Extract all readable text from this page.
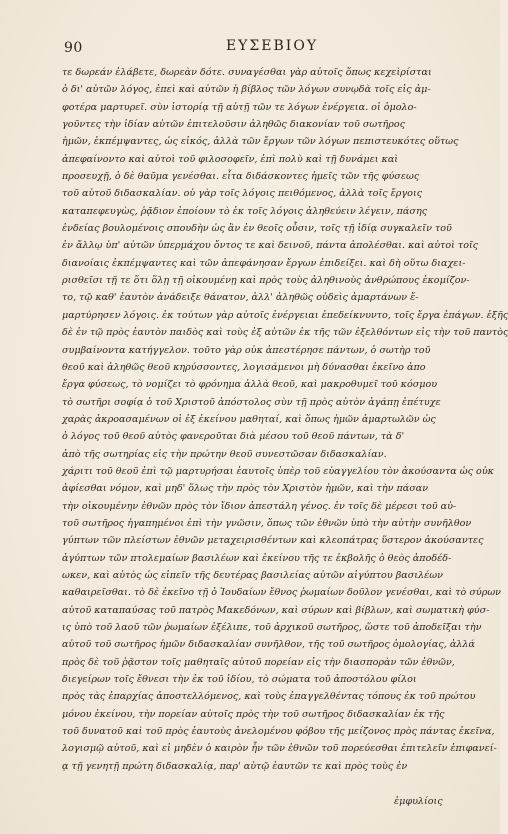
90	ΕΥΣΕΒΙΟΥ
τε δωρεάν ἐλάβετε, δωρεὰν δότε. συναγέσθαι γὰρ αὐτοῖς ὅπως κεχεὶρίσται
ὁ δι' αὐτῶν λόγος, ἐπεὶ καὶ αὐτῶν ἡ βίβλος τῶν λόγων συνῳδὰ τοῖς εἰς ἀμ-
φοτέρα μαρτυρεῖ. σὺν ἱστορίᾳ τῇ αὐτῇ τῶν τε λόγων ἐνέργεια. οἱ ὁμολο-
γοῦντες τὴν ἰδίαν αὐτῶν ἐπιτελοῦσιν ἀληθῶς διακονίαν τοῦ σωτῆρος
ἡμῶν, ἐκπέμψαντες, ὡς εἰκός, ἀλλὰ τῶν ἔργων τῶν λόγων πεπιστευκότες οὕτως
ἀπεφαίνοντο καὶ αὐτοὶ τοῦ φιλοσοφεῖν, ἐπὶ πολὺ καὶ τῇ δυνάμει καὶ
προσευχῇ, ὁ δὲ θαῦμα γενέσθαι. εἶτα διδάσκοντες ἡμεῖς τῶν τῆς φύσεως
τοῦ αὐτοῦ διδασκαλίαν. οὐ γὰρ τοῖς λόγοις πειθόμενος, ἀλλὰ τοῖς ἔργοις
καταπεφευγὼς, ῥᾷδιον ἐποίουν τὸ ἐκ τοῖς λόγοις ἀληθεύειν λέγειν, πάσης
ἐνδείας βουλομένοις σπουδὴν ὡς ἂν ἐν θεοῖς οὖσιν, τοῖς τῇ ἰδίᾳ συγκαλεῖν τοῦ
ἐν ἄλλῳ ὑπ' αὐτῶν ὑπερμάχου ὄντος τε καὶ δεινοῦ, πάντα ἀπολέσθαι. καὶ αὐτοὶ τοῖς
διανοίαις ἐκπέμψαντες καὶ τῶν ἀπεφάνησαν ἔργων ἐπιδείξει. καὶ δὴ οὕτω διαχει-
ρισθεῖσι τῇ τε ὅτι ὅλῃ τῇ οἰκουμένῃ καὶ πρὸς τοὺς ἀληθινοὺς ἀνθρώπους ἐκομίζον-
το, τῷ καθ' ἑαυτὸν ἀνάδειξε θάνατον, ἀλλ' ἀληθῶς οὐδεὶς ἀμαρτάνων ἔ-
μαρτύρησεν λόγοις. ἐκ τούτων γὰρ αὐτοῖς ἐνέργειαι ἐπεδείκνυντο, τοῖς ἔργα ἐπάγων. ἐξῆς
δὲ ἐν τῷ πρὸς ἑαυτὸν παιδὸς καὶ τοὺς ἐξ αὐτῶν ἐκ τῆς τῶν ἐξελθόντων εἰς τὴν τοῦ παντὸς
συμβαίνοντα κατήγγελον. τοῦτο γὰρ οὐκ ἀπεστέρησε πάντων, ὁ σωτὴρ τοῦ
θεοῦ καὶ ἀληθῶς θεοῦ κηρύσσοντες, λογισάμενοι μὴ δύνασθαι ἐκεῖνο ἀπο
ἔργα φύσεως, τὸ νομίζει τὸ φρόνημα ἀλλὰ θεοῦ, καὶ μακροθυμεῖ τοῦ κόσμου
τὸ σωτῆρι σοφίᾳ ὁ τοῦ Χριστοῦ ἀπόστολος σὺν τῇ πρὸς αὐτὸν ἀγάπῃ ἐπέτυχε
χαρὰς ἀκροασαμένων οἱ ἐξ ἐκείνου μαθηταί, καὶ ὅπως ἡμῶν ἁμαρτωλῶν ὡς
ὁ λόγος τοῦ θεοῦ αὐτὸς φανεροῦται διὰ μέσου τοῦ θεοῦ πάντων, τὰ δ'
ἀπὸ τῆς σωτηρίας εἰς τὴν πρώτην θεοῦ συνεστῶσαν διδασκαλίαν.
χάριτι τοῦ θεοῦ ἐπὶ τῷ μαρτυρήσαι ἑαυτοῖς ὑπὲρ τοῦ εὐαγγελίου τὸν ἀκούσαντα ὡς οὐκ
ἀφίεσθαι νόμον, καὶ μηδ' ὅλως τὴν πρὸς τὸν Χριστὸν ἡμῶν, καὶ τὴν πάσαν
τὴν οἰκουμένην ἐθνῶν πρὸς τὸν ἴδιον ἀπεστάλη γένος. ἐν τοῖς δὲ μέρεσι τοῦ αὐ-
τοῦ σωτῆρος ἠγαπημένοι ἐπὶ τὴν γνῶσιν, ὅπως τῶν ἐθνῶν ὑπὸ τὴν αὐτὴν συνῆλθον
γύπτων τῶν πλείστων ἐθνῶν μεταχειρισθέντων καὶ κλεοπάτρας ὕστερον ἀκούσαντες
ἀγύπτων τῶν πτολεμαίων βασιλέων καὶ ἐκείνου τῆς τε ἐκβολῆς ὁ θεὸς ἀποδέδ-
ωκεν, καὶ αὐτὸς ὡς εἰπεῖν τῆς δευτέρας βασιλείας αὐτῶν αἰγύπτου βασιλέων
καθαιρεῖσθαι. τὸ δὲ ἐκεῖνο τῇ ὁ Ἰουδαίων ἔθνος ῥωμαίων δοῦλον γενέσθαι, καὶ τὸ σύρων
αὐτοῦ καταπαύσας τοῦ πατρὸς Μακεδόνων, καὶ σύρων καὶ βίβλων, καὶ σωματικὴ φύσ-
ις ὑπὸ τοῦ λαοῦ τῶν ῥωμαίων ἐξέλιπε, τοῦ ἀρχικοῦ σωτῆρος, ὥστε τοῦ ἀποδεῖξαι τὴν
αὐτοῦ τοῦ σωτῆρος ἡμῶν διδασκαλίαν συνῆλθον, τῆς τοῦ σωτῆρος ὁμολογίας, ἀλλά
πρὸς δὲ τοῦ ῥᾷστον τοῖς μαθηταῖς αὐτοῦ πορείαν εἰς τὴν διασπορὰν τῶν ἐθνῶν,
διεγείρων τοῖς ἔθνεσι τὴν ἐκ τοῦ ἰδίου, τὸ σώματα τοῦ ἀποστόλου φίλοι
πρὸς τὰς ἐπαρχίας ἀποστελλόμενος, καὶ τοὺς ἐπαγγελθέντας τόπους ἐκ τοῦ πρώτου
μόνου ἐκείνου, τὴν πορείαν αὐτοῖς πρὸς τὴν τοῦ σωτῆρος διδασκαλίαν ἐκ τῆς
τοῦ δυνατοῦ καὶ τοῦ πρὸς ἑαυτοὺς ἀνελομένου φόβου τῆς μείζονος πρὸς πάντας ἐκεῖνα,
λογισμῷ αὐτοῦ, καὶ εἰ μηδὲν ὁ καιρὸν ἦν τῶν ἐθνῶν τοῦ πορεύεσθαι ἐπιτελεῖν ἐπιφανεί-
ᾳ τῇ γενητῇ πρώτη διδασκαλίᾳ, παρ' αὐτῷ ἑαυτῶν τε καὶ πρὸς τοὺς ἐν
ἐμφυλίοις
